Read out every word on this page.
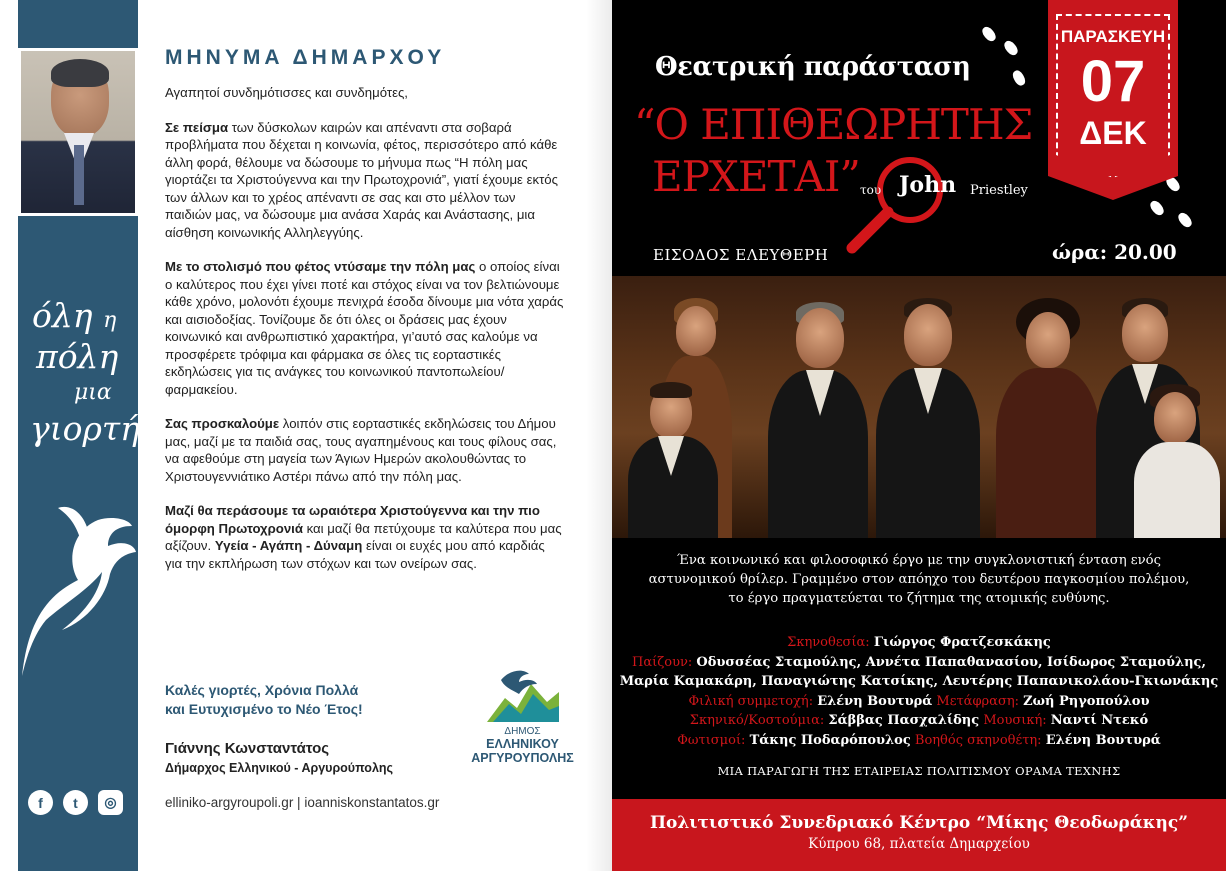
όλη η
πόλη
μια
γιορτή
f	t	◎
ΜΗΝΥΜΑ ΔΗΜΑΡΧΟΥ

Αγαπητοί συνδημότισσες και συνδημότες,

Σε πείσμα των δύσκολων καιρών και απέναντι στα σοβαρά προβλήματα που δέχεται η κοινωνία, φέτος, περισσότερο από κάθε άλλη φορά, θέλουμε να δώσουμε το μήνυμα πως “Η πόλη μας γιορτάζει τα Χριστούγεννα και την Πρωτοχρονιά”, γιατί έχουμε εκτός των άλλων και το χρέος απέναντι σε σας και στο μέλλον των παιδιών μας, να δώσουμε μια ανάσα Χαράς και Ανάστασης, μια αίσθηση κοινωνικής Αλληλεγγύης.

Με το στολισμό που φέτος ντύσαμε την πόλη μας ο οποίος είναι ο καλύτερος που έχει γίνει ποτέ και στόχος είναι να τον βελτιώνουμε κάθε χρόνο, μολονότι έχουμε πενιχρά έσοδα δίνουμε μια νότα χαράς και αισιοδοξίας. Τονίζουμε δε ότι όλες οι δράσεις μας έχουν κοινωνικό και ανθρωπιστικό χαρακτήρα, γι’αυτό σας καλούμε να προσφέρετε τρόφιμα και φάρμακα σε όλες τις εορταστικές εκδηλώσεις για τις ανάγκες του κοινωνικού παντοπωλείου/φαρμακείου.

Σας προσκαλούμε λοιπόν στις εορταστικές εκδηλώσεις του Δήμου μας, μαζί με τα παιδιά σας, τους αγαπημένους και τους φίλους σας, να αφεθούμε στη μαγεία των Άγιων Ημερών ακολουθώντας το Χριστουγεννιάτικο Αστέρι πάνω από την πόλη μας.

Μαζί θα περάσουμε τα ωραιότερα Χριστούγεννα και την πιο όμορφη Πρωτοχρονιά και μαζί θα πετύχουμε τα καλύτερα που μας αξίζουν. Υγεία - Αγάπη - Δύναμη είναι οι ευχές μου από καρδιάς για την εκπλήρωση των στόχων και των ονείρων σας.

Καλές γιορτές, Χρόνια Πολλά
και Ευτυχισμένο το Νέο Έτος!
Γιάννης Κωνσταντάτος
Δήμαρχος Ελληνικού - Αργυρούπολης
elliniko-argyroupoli.gr | ioanniskonstantatos.gr
ΔΗΜΟΣ
ΕΛΛΗΝΙΚΟΥ
ΑΡΓΥΡΟΥΠΟΛΗΣ
Θεατρική παράσταση
“Ο ΕΠΙΘΕΩΡΗΤΗΣ
ΕΡΧΕΤΑΙ” του John Priestley
ΕΙΣΟΔΟΣ ΕΛΕΥΘΕΡΗ	ώρα: 20.00
ΠΑΡΑΣΚΕΥΗ
07
ΔΕΚ
Ένα κοινωνικό και φιλοσοφικό έργο με την συγκλονιστική ένταση ενός αστυνομικού θρίλερ. Γραμμένο στον απόηχο του δευτέρου παγκοσμίου πολέμου, το έργο πραγματεύεται το ζήτημα της ατομικής ευθύνης.
Σκηνοθεσία: Γιώργος Φρατζεσκάκης
Παίζουν: Οδυσσέας Σταμούλης, Αννέτα Παπαθανασίου, Ισίδωρος Σταμούλης,
Μαρία Καμακάρη, Παναγιώτης Κατσίκης, Λευτέρης Παπανικολάου-Γκιωνάκης
Φιλική συμμετοχή: Ελένη Βουτυρά Μετάφραση: Ζωή Ρηγοπούλου
Σκηνικό/Κοστούμια: Σάββας Πασχαλίδης Μουσική: Ναντί Ντεκό
Φωτισμοί: Τάκης Ποδαρόπουλος Βοηθός σκηνοθέτη: Ελένη Βουτυρά
ΜΙΑ ΠΑΡΑΓΩΓΗ ΤΗΣ ΕΤΑΙΡΕΙΑΣ ΠΟΛΙΤΙΣΜΟΥ ΟΡΑΜΑ ΤΕΧΝΗΣ
Πολιτιστικό Συνεδριακό Κέντρο “Μίκης Θεοδωράκης”
Κύπρου 68, πλατεία Δημαρχείου
